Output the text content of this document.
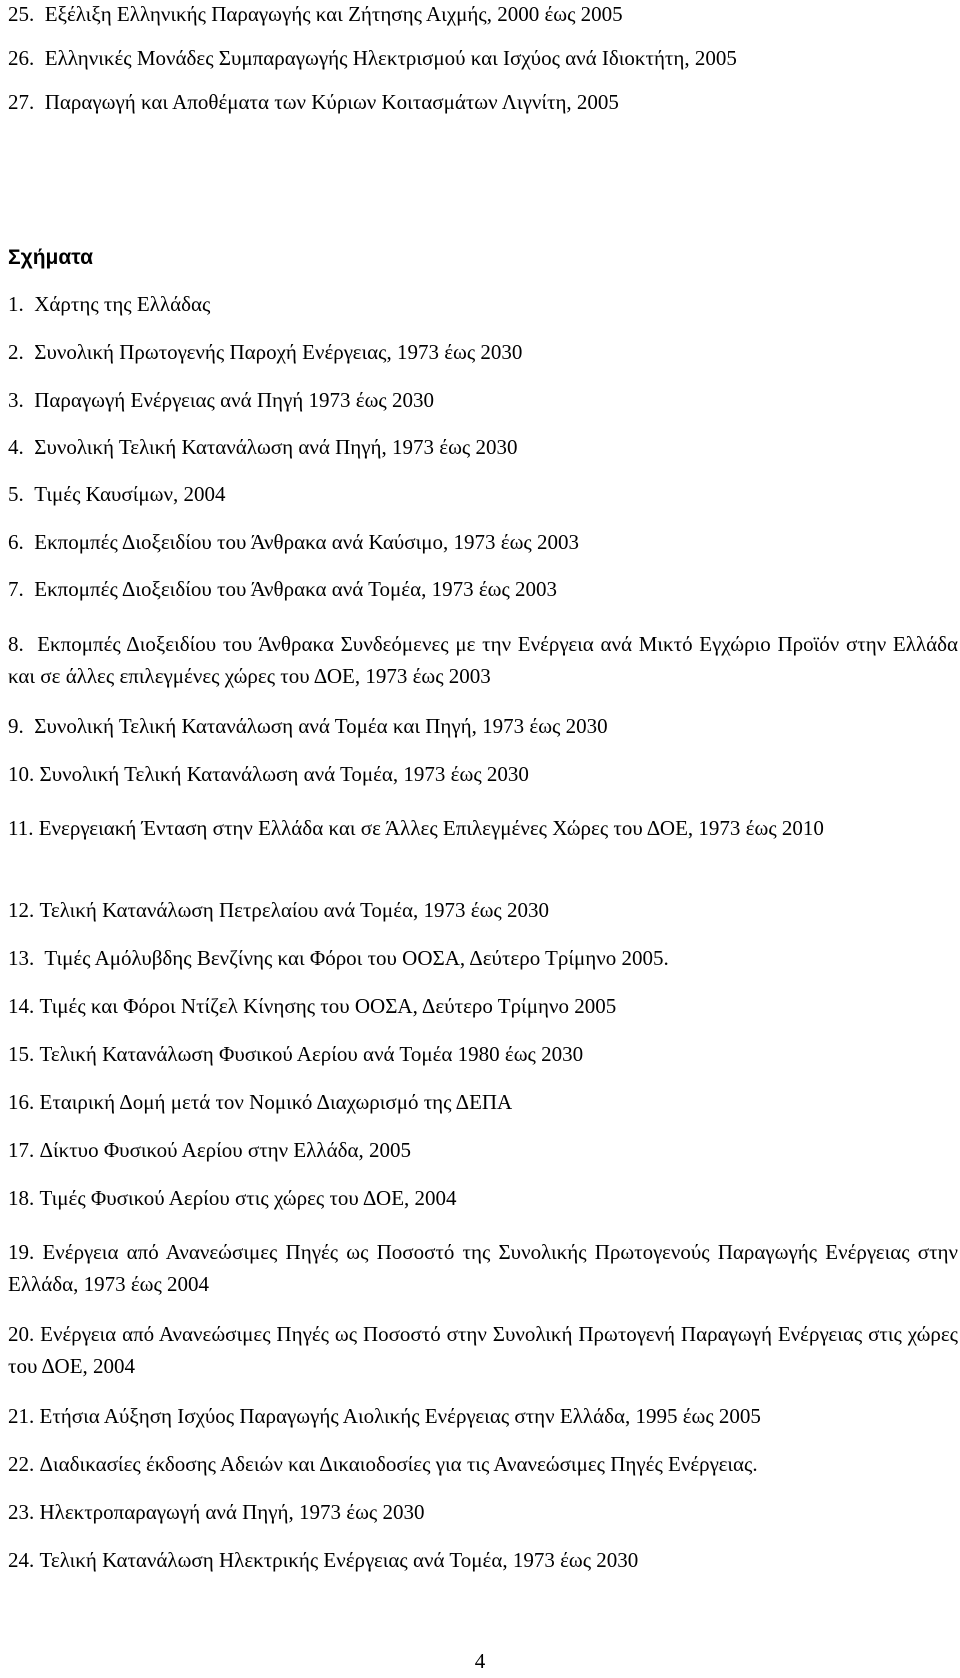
25. Εξέλιξη Ελληνικής Παραγωγής και Ζήτησης Αιχμής, 2000 έως 2005
26. Ελληνικές Μονάδες Συμπαραγωγής Ηλεκτρισμού και Ισχύος ανά Ιδιοκτήτη, 2005
27. Παραγωγή και Αποθέματα των Κύριων Κοιτασμάτων Λιγνίτη, 2005
Σχήματα
1. Χάρτης της Ελλάδας
2. Συνολική Πρωτογενής Παροχή Ενέργειας, 1973 έως 2030
3. Παραγωγή Ενέργειας ανά Πηγή 1973 έως 2030
4. Συνολική Τελική Κατανάλωση ανά Πηγή, 1973 έως 2030
5. Τιμές Καυσίμων, 2004
6. Εκπομπές Διοξειδίου του Άνθρακα ανά Καύσιμο, 1973 έως 2003
7. Εκπομπές Διοξειδίου του Άνθρακα ανά Τομέα, 1973 έως 2003
8. Εκπομπές Διοξειδίου του Άνθρακα Συνδεόμενες με την Ενέργεια ανά Μικτό Εγχώριο Προϊόν στην Ελλάδα και σε άλλες επιλεγμένες χώρες του ΔΟΕ, 1973 έως 2003
9. Συνολική Τελική Κατανάλωση ανά Τομέα και Πηγή, 1973 έως 2030
10. Συνολική Τελική Κατανάλωση ανά Τομέα, 1973 έως 2030
11. Ενεργειακή Ένταση στην Ελλάδα και σε Άλλες Επιλεγμένες Χώρες του ΔΟΕ, 1973 έως 2010
12. Τελική Κατανάλωση Πετρελαίου ανά Τομέα, 1973 έως 2030
13.  Τιμές Αμόλυβδης Βενζίνης και Φόροι του ΟΟΣΑ, Δεύτερο Τρίμηνο 2005.
14. Τιμές και Φόροι Ντίζελ Κίνησης του ΟΟΣΑ, Δεύτερο Τρίμηνο 2005
15. Τελική Κατανάλωση Φυσικού Αερίου ανά Τομέα 1980 έως 2030
16. Εταιρική Δομή μετά τον Νομικό Διαχωρισμό της ΔΕΠΑ
17. Δίκτυο Φυσικού Αερίου στην Ελλάδα, 2005
18. Τιμές Φυσικού Αερίου στις χώρες του ΔΟΕ, 2004
19. Ενέργεια από Ανανεώσιμες Πηγές ως Ποσοστό της Συνολικής Πρωτογενούς Παραγωγής Ενέργειας στην Ελλάδα, 1973 έως 2004
20. Ενέργεια από Ανανεώσιμες Πηγές ως Ποσοστό στην Συνολική Πρωτογενή Παραγωγή Ενέργειας στις χώρες του ΔΟΕ, 2004
21. Ετήσια Αύξηση Ισχύος Παραγωγής Αιολικής Ενέργειας στην Ελλάδα, 1995 έως 2005
22. Διαδικασίες έκδοσης Αδειών και Δικαιοδοσίες για τις Ανανεώσιμες Πηγές Ενέργειας.
23. Ηλεκτροπαραγωγή ανά Πηγή, 1973 έως 2030
24. Τελική Κατανάλωση Ηλεκτρικής Ενέργειας ανά Τομέα, 1973 έως 2030
4
